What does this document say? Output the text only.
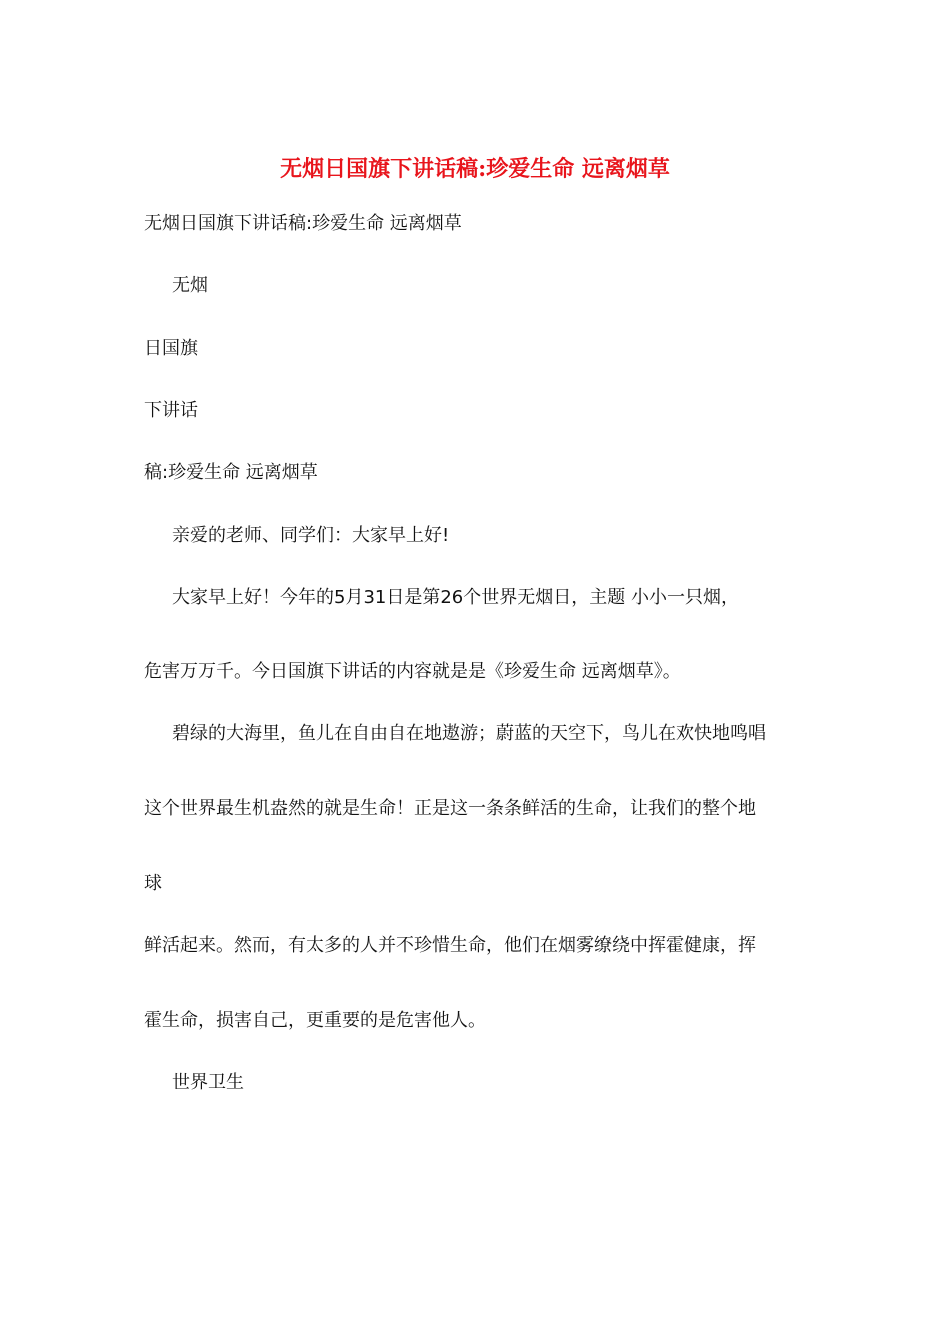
无烟日国旗下讲话稿:珍爱生命 远离烟草
无烟日国旗下讲话稿:珍爱生命 远离烟草
无烟
日国旗
下讲话
稿:珍爱生命 远离烟草
亲爱的老师、同学们：大家早上好!
大家早上好！今年的5月31日是第26个世界无烟日，主题 小小一只烟，
危害万万千。今日国旗下讲话的内容就是是《珍爱生命 远离烟草》。
碧绿的大海里，鱼儿在自由自在地遨游；蔚蓝的天空下，鸟儿在欢快地鸣唱
这个世界最生机盎然的就是生命！正是这一条条鲜活的生命，让我们的整个地
球
鲜活起来。然而，有太多的人并不珍惜生命，他们在烟雾缭绕中挥霍健康，挥
霍生命，损害自己，更重要的是危害他人。
世界卫生
